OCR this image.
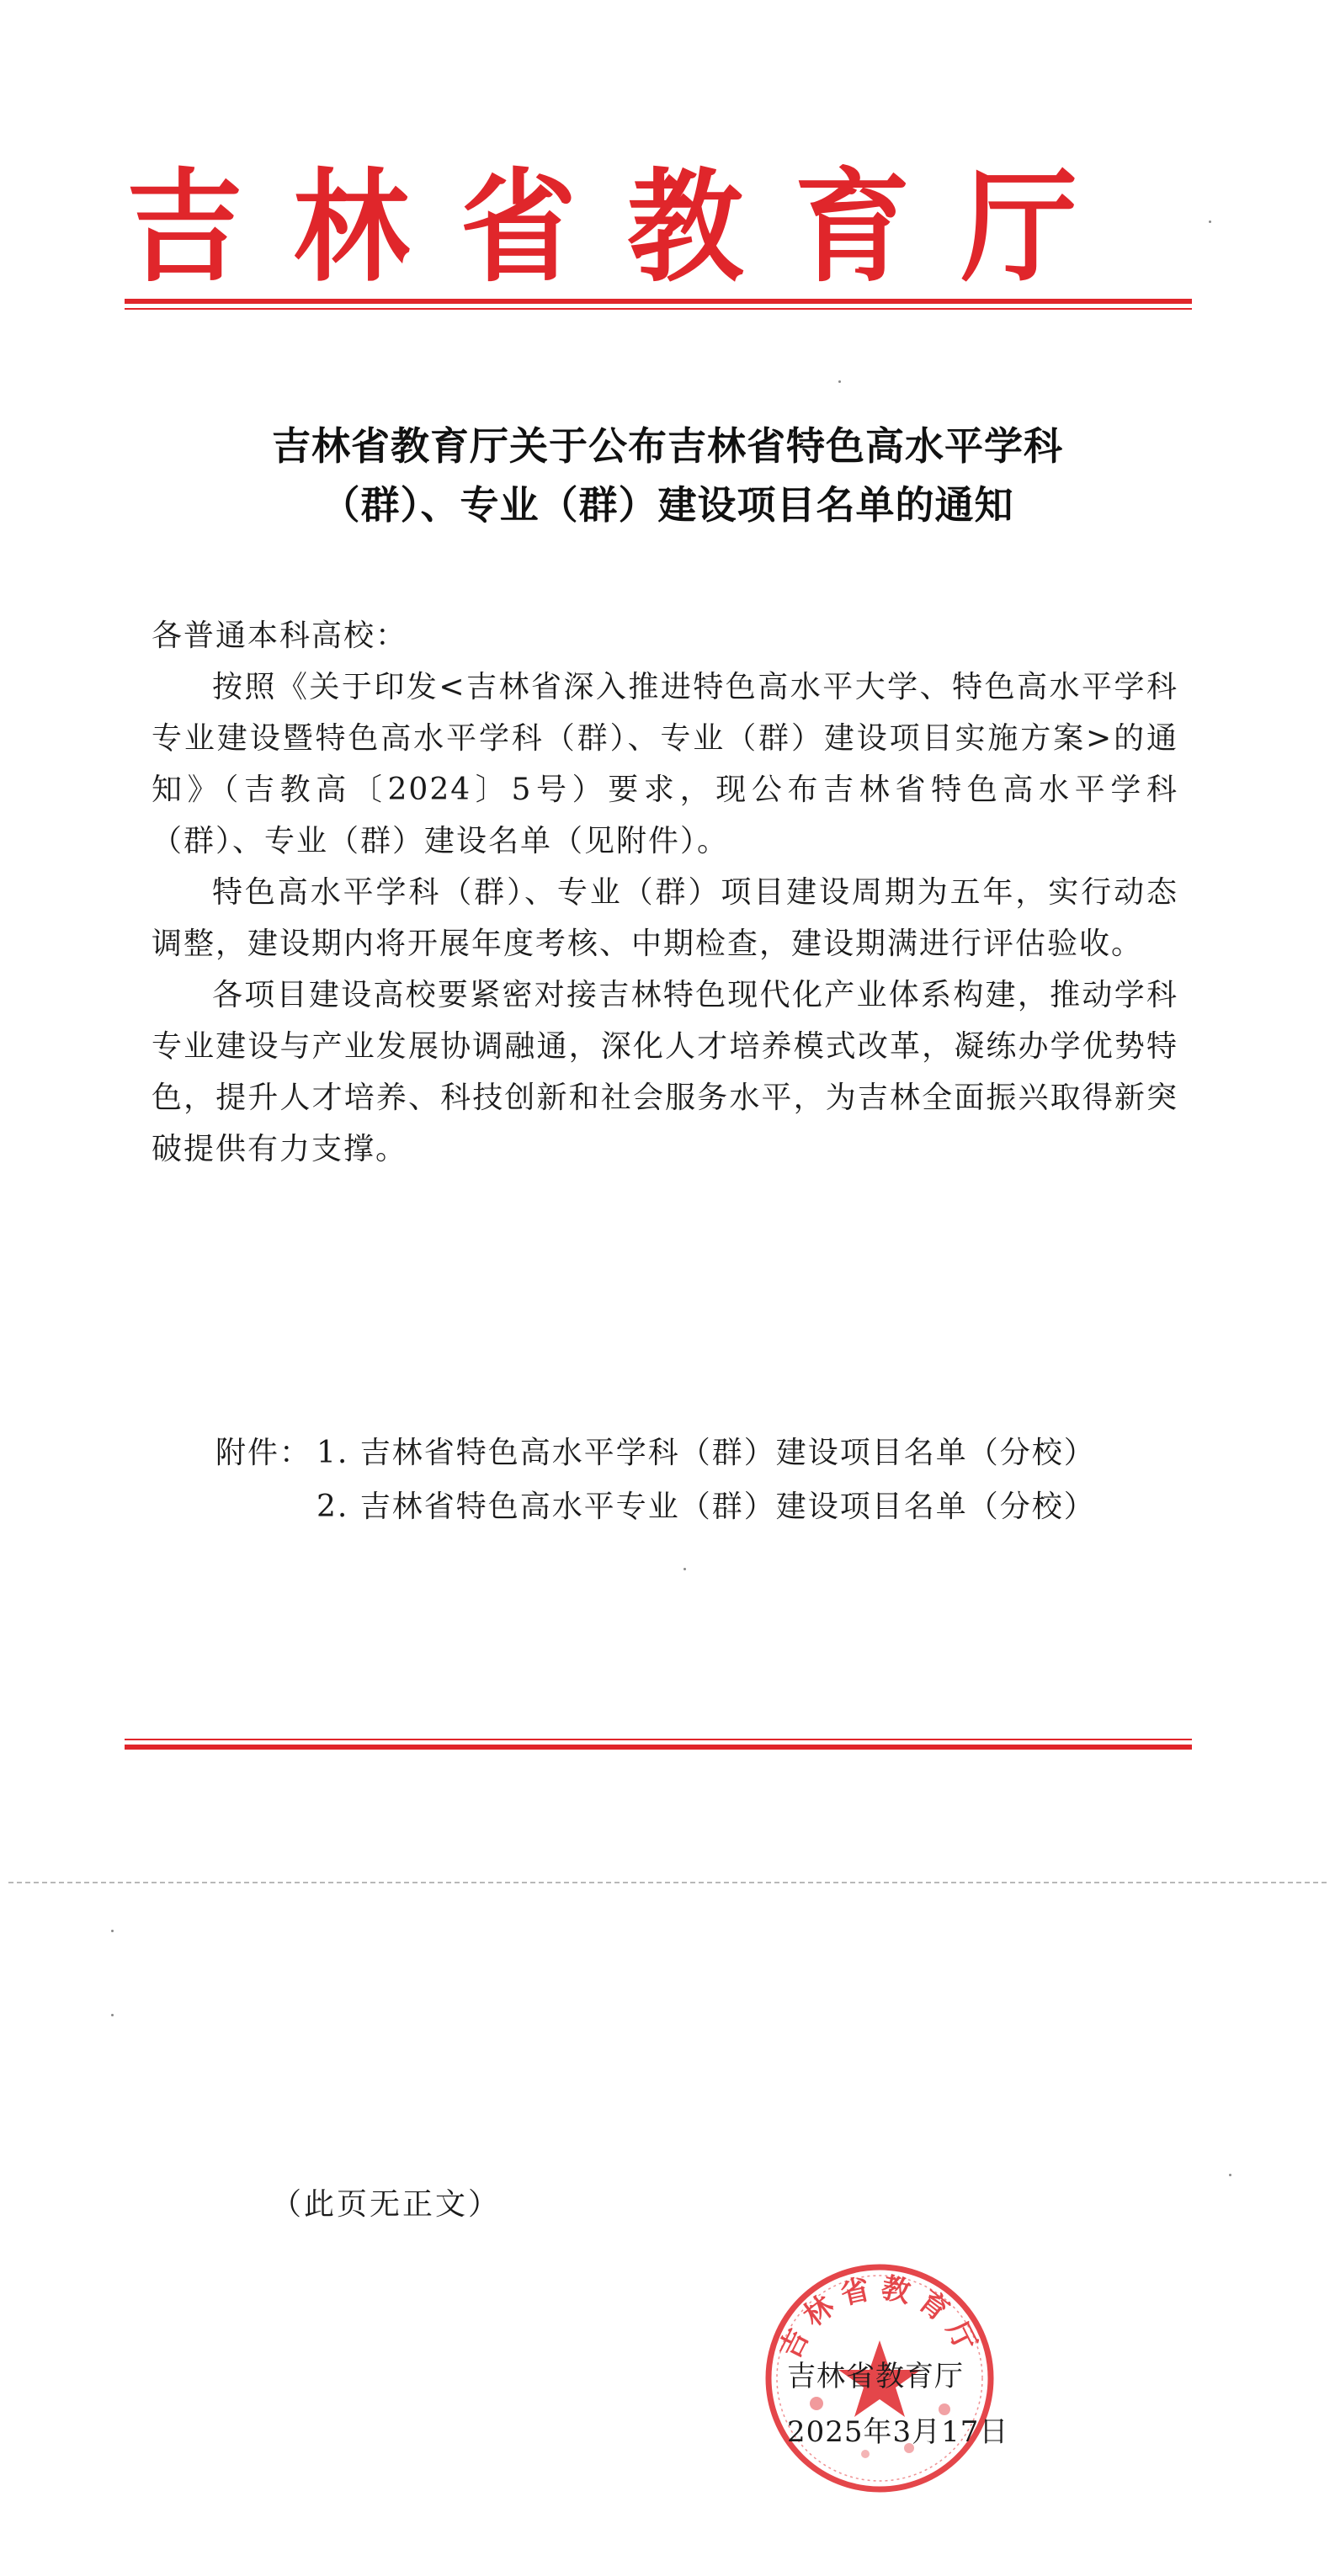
吉 林 省 教 育 厅
吉林省教育厅关于公布吉林省特色高水平学科
（群）、专业（群）建设项目名单的通知

各普通本科高校：

按照《关于印发<吉林省深入推进特色高水平大学、特色高水平学科专业建设暨特色高水平学科（群）、专业（群）建设项目实施方案>的通知》（吉教高〔2024〕5号）要求，现公布吉林省特色高水平学科（群）、专业（群）建设名单（见附件）。

特色高水平学科（群）、专业（群）项目建设周期为五年，实行动态调整，建设期内将开展年度考核、中期检查，建设期满进行评估验收。

各项目建设高校要紧密对接吉林特色现代化产业体系构建，推动学科专业建设与产业发展协调融通，深化人才培养模式改革，凝练办学优势特色，提升人才培养、科技创新和社会服务水平，为吉林全面振兴取得新突破提供有力支撑。

附件： 1. 吉林省特色高水平学科（群）建设项目名单（分校）
2. 吉林省特色高水平专业（群）建设项目名单（分校）
（此页无正文）
吉林省教育厅
吉林省教育厅
2025年3月17日
